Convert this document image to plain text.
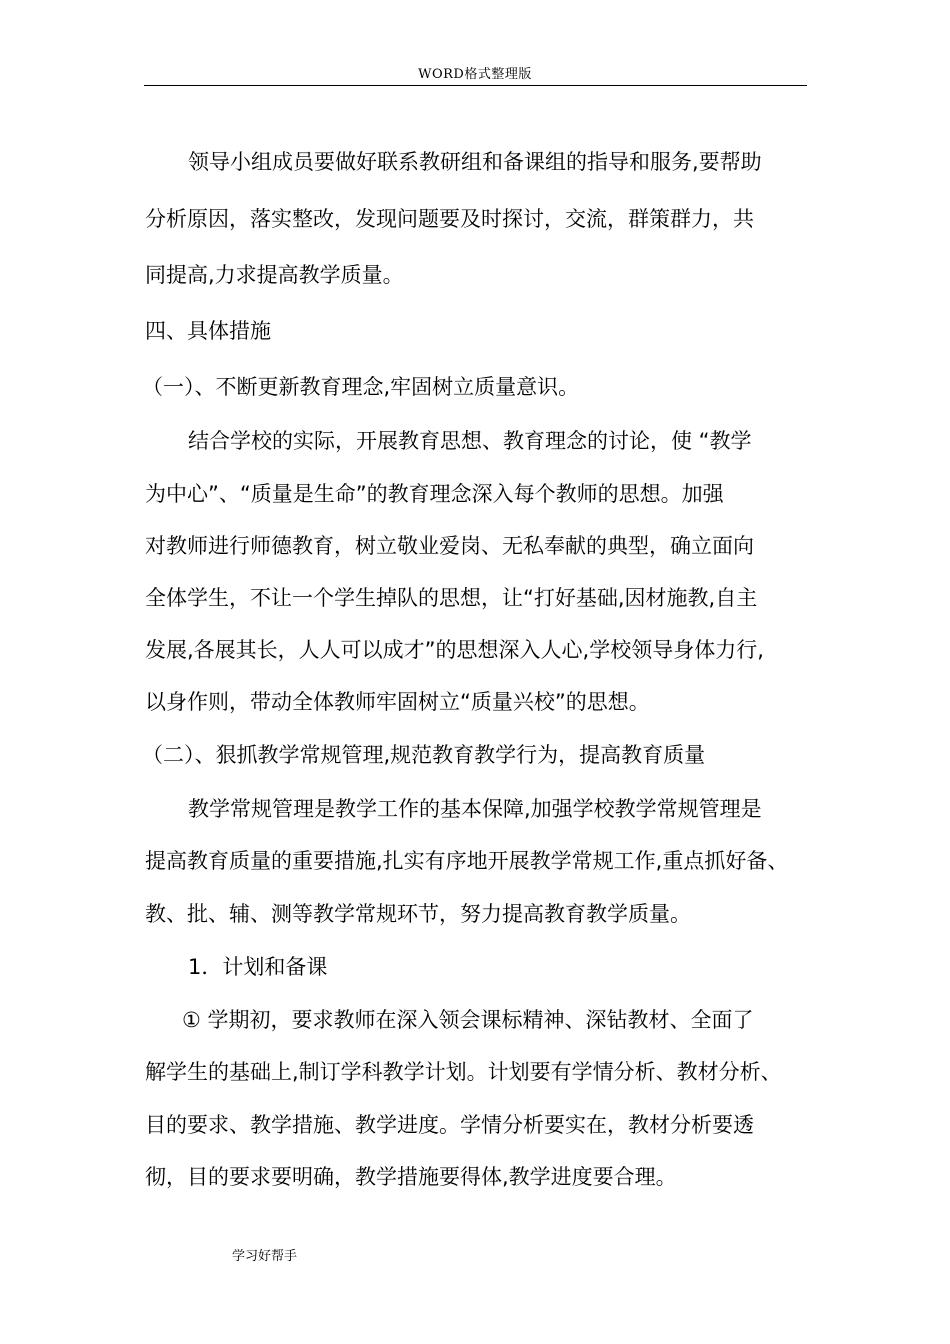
WORD格式整理版
领导小组成员要做好联系教研组和备课组的指导和服务,要帮助
分析原因，落实整改，发现问题要及时探讨，交流，群策群力，共
同提高,力求提高教学质量。
四、具体措施
（一）、不断更新教育理念,牢固树立质量意识。
结合学校的实际，开展教育思想、教育理念的讨论，使 “教学
为中心”、“质量是生命”的教育理念深入每个教师的思想。加强
对教师进行师德教育，树立敬业爱岗、无私奉献的典型，确立面向
全体学生，不让一个学生掉队的思想，让“打好基础,因材施教,自主
发展,各展其长，人人可以成才”的思想深入人心,学校领导身体力行,
以身作则，带动全体教师牢固树立“质量兴校”的思想。
（二）、狠抓教学常规管理,规范教育教学行为，提高教育质量
教学常规管理是教学工作的基本保障,加强学校教学常规管理是
提高教育质量的重要措施,扎实有序地开展教学常规工作,重点抓好备、
教、批、辅、测等教学常规环节，努力提高教育教学质量。
1．计划和备课
① 学期初，要求教师在深入领会课标精神、深钻教材、全面了
解学生的基础上,制订学科教学计划。计划要有学情分析、教材分析、
目的要求、教学措施、教学进度。学情分析要实在，教材分析要透
彻，目的要求要明确，教学措施要得体,教学进度要合理。
学习好帮手
